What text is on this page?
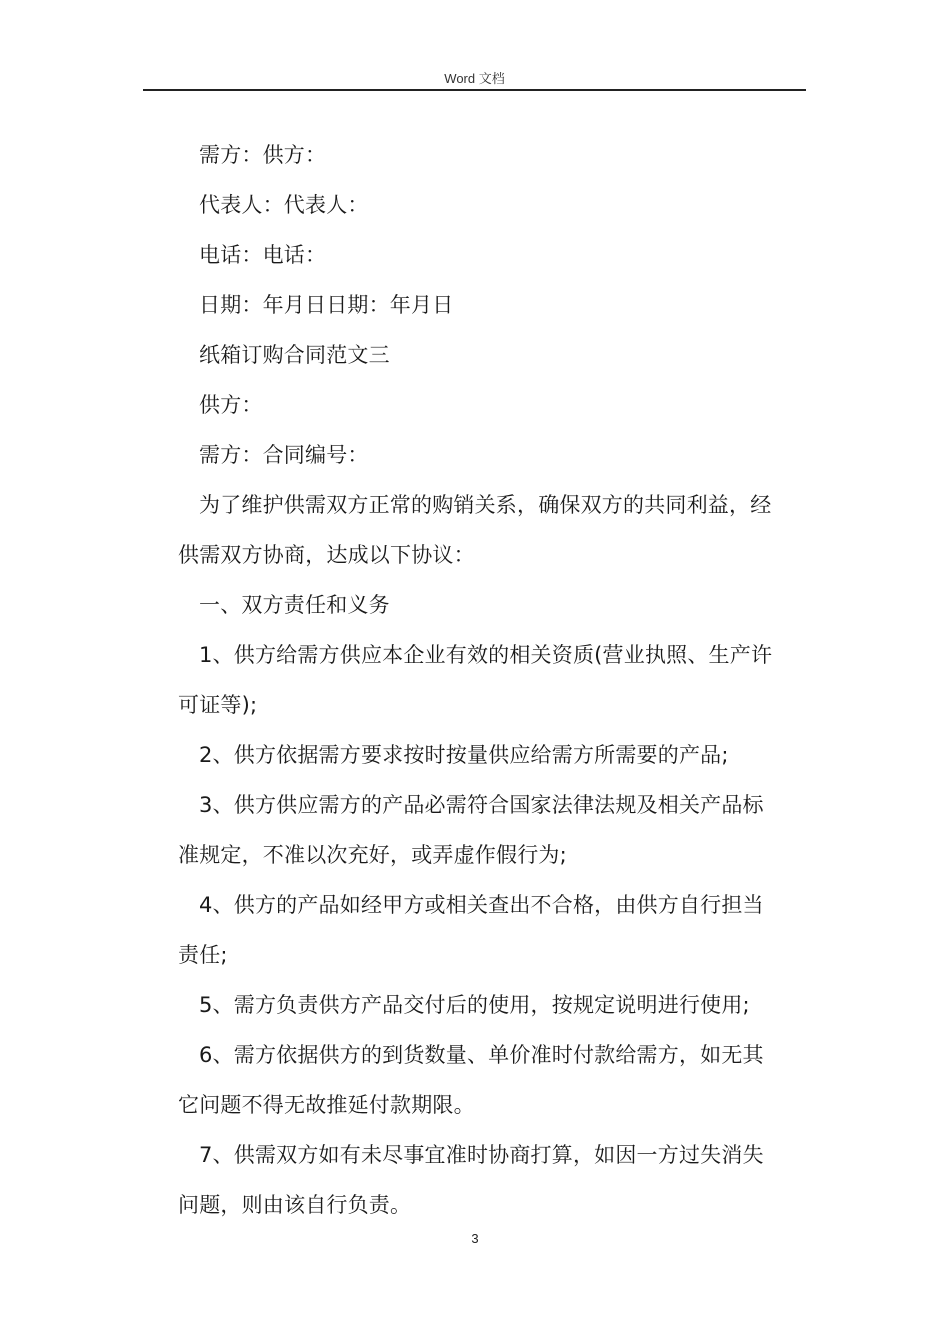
Word 文档
需方：供方：
代表人：代表人：
电话：电话：
日期：年月日日期：年月日
纸箱订购合同范文三
供方：
需方：合同编号：
为了维护供需双方正常的购销关系，确保双方的共同利益，经
供需双方协商，达成以下协议：
一、双方责任和义务
1、供方给需方供应本企业有效的相关资质(营业执照、生产许
可证等);
2、供方依据需方要求按时按量供应给需方所需要的产品;
3、供方供应需方的产品必需符合国家法律法规及相关产品标
准规定，不准以次充好，或弄虚作假行为;
4、供方的产品如经甲方或相关查出不合格，由供方自行担当
责任;
5、需方负责供方产品交付后的使用，按规定说明进行使用;
6、需方依据供方的到货数量、单价准时付款给需方，如无其
它问题不得无故推延付款期限。
7、供需双方如有未尽事宜准时协商打算，如因一方过失消失
问题，则由该自行负责。
3
